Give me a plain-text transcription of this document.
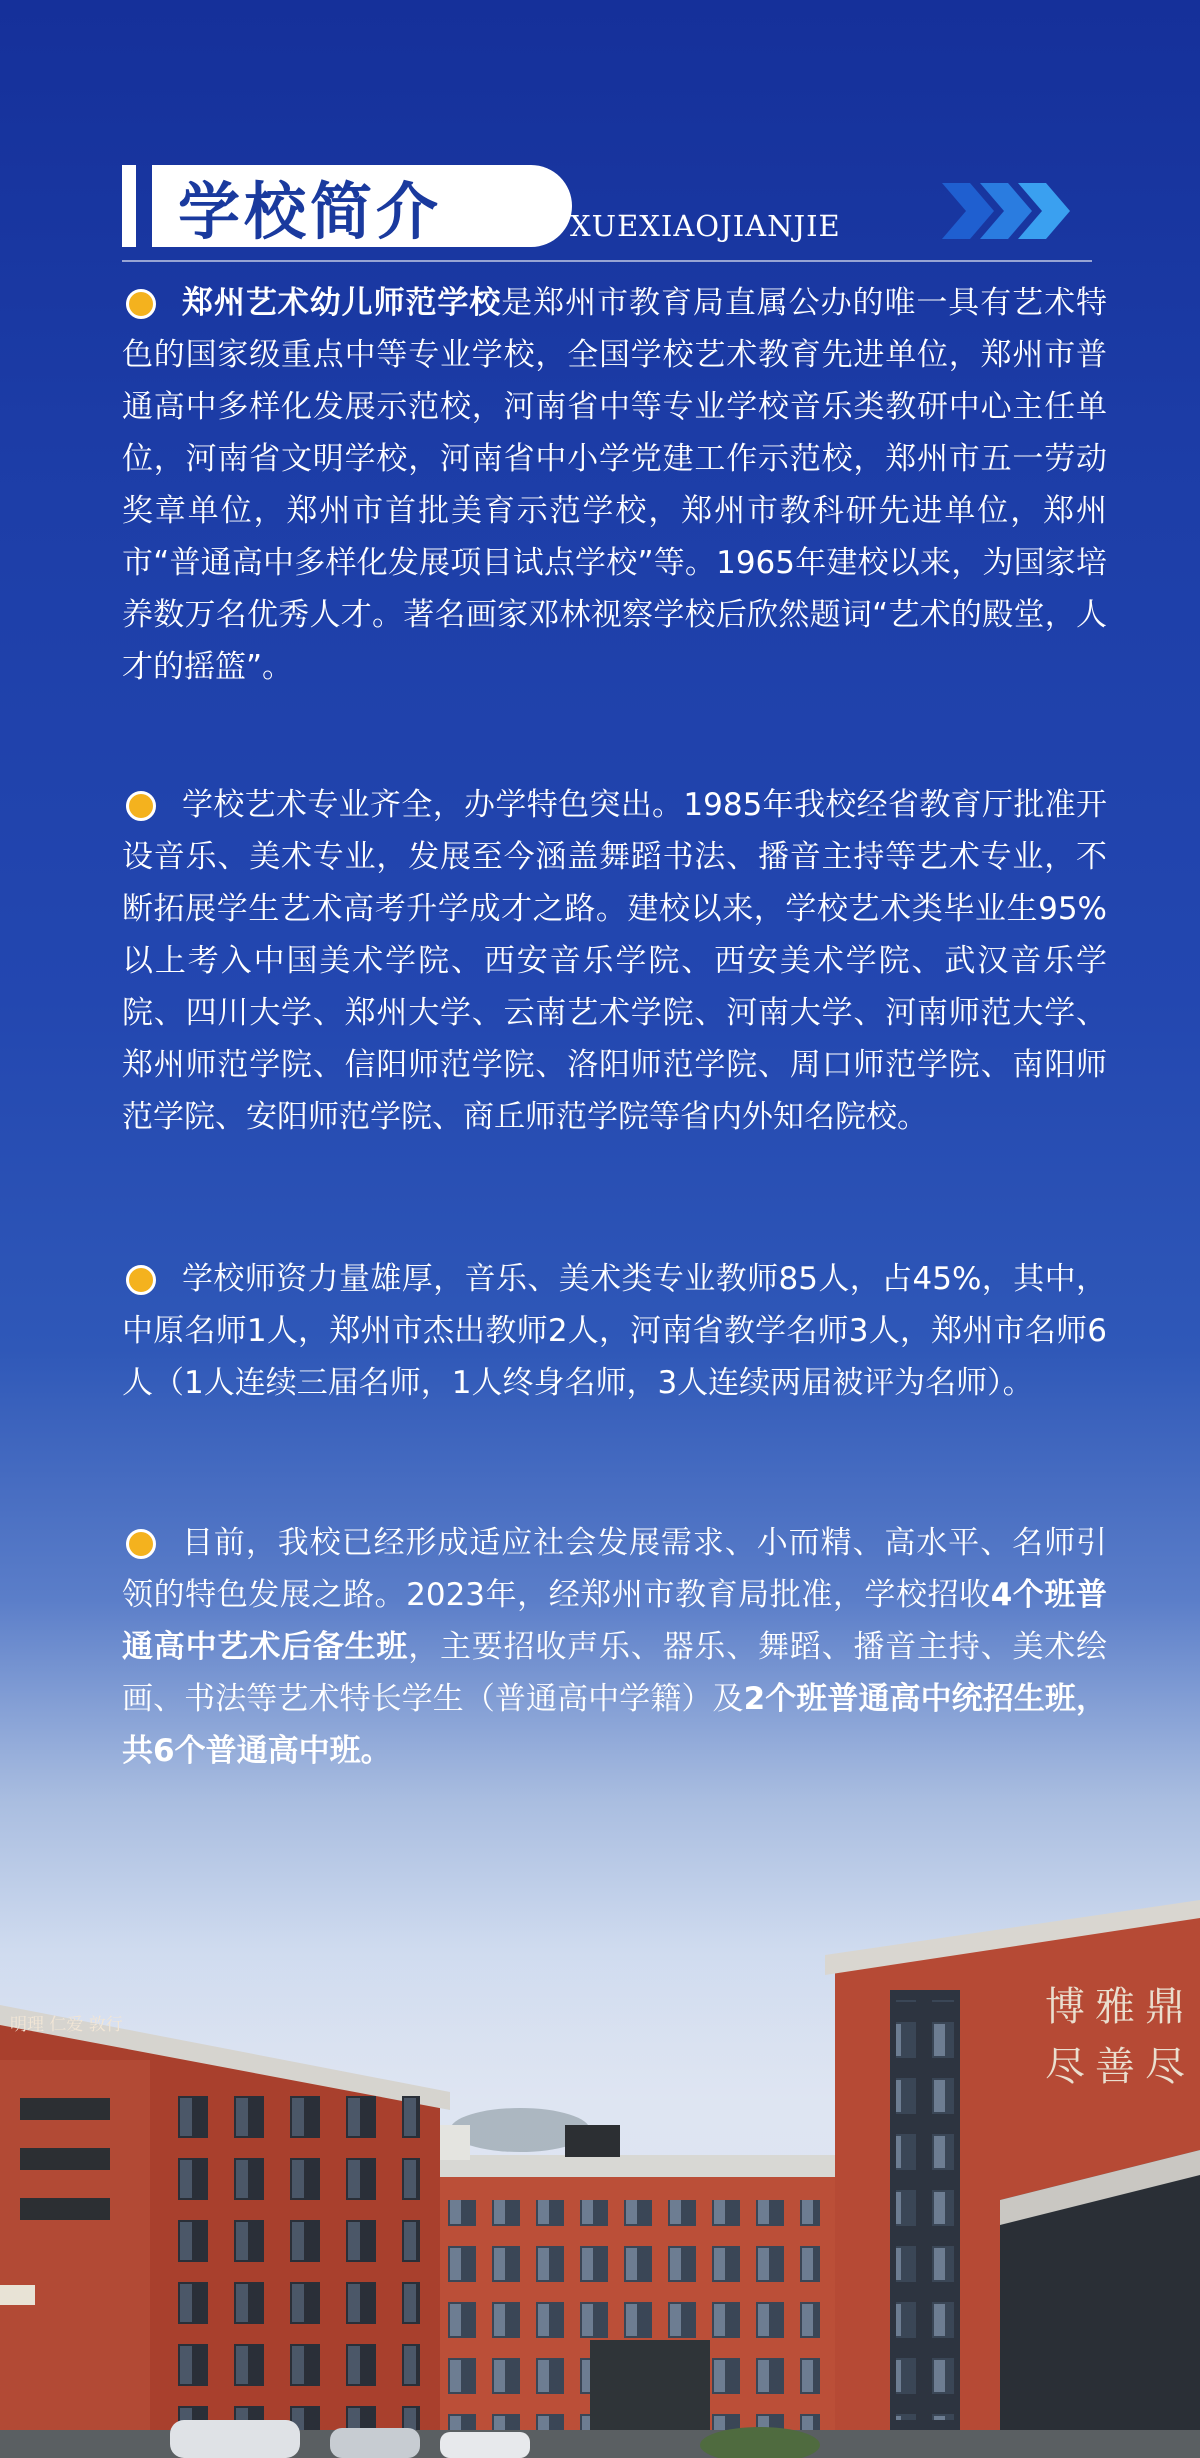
学校简介	XUEXIAOJIANJIE

郑州艺术幼儿师范学校是郑州市教育局直属公办的唯一具有艺术特色的国家级重点中等专业学校，全国学校艺术教育先进单位，郑州市普通高中多样化发展示范校，河南省中等专业学校音乐类教研中心主任单位，河南省文明学校，河南省中小学党建工作示范校，郑州市五一劳动奖章单位，郑州市首批美育示范学校，郑州市教科研先进单位，郑州市“普通高中多样化发展项目试点学校”等。1965年建校以来，为国家培养数万名优秀人才。著名画家邓林视察学校后欣然题词“艺术的殿堂，人才的摇篮”。

学校艺术专业齐全，办学特色突出。1985年我校经省教育厅批准开设音乐、美术专业，发展至今涵盖舞蹈书法、播音主持等艺术专业，不断拓展学生艺术高考升学成才之路。建校以来，学校艺术类毕业生95%以上考入中国美术学院、西安音乐学院、西安美术学院、武汉音乐学院、四川大学、郑州大学、云南艺术学院、河南大学、河南师范大学、郑州师范学院、信阳师范学院、洛阳师范学院、周口师范学院、南阳师范学院、安阳师范学院、商丘师范学院等省内外知名院校。

学校师资力量雄厚，音乐、美术类专业教师85人，占45%，其中，中原名师1人，郑州市杰出教师2人，河南省教学名师3人，郑州市名师6人（1人连续三届名师，1人终身名师，3人连续两届被评为名师）。

目前，我校已经形成适应社会发展需求、小而精、高水平、名师引领的特色发展之路。2023年，经郑州市教育局批准，学校招收4个班普通高中艺术后备生班，主要招收声乐、器乐、舞蹈、播音主持、美术绘画、书法等艺术特长学生（普通高中学籍）及2个班普通高中统招生班，共6个普通高中班。

明理 仁爱 敦行	博雅鼎
尽善尽
